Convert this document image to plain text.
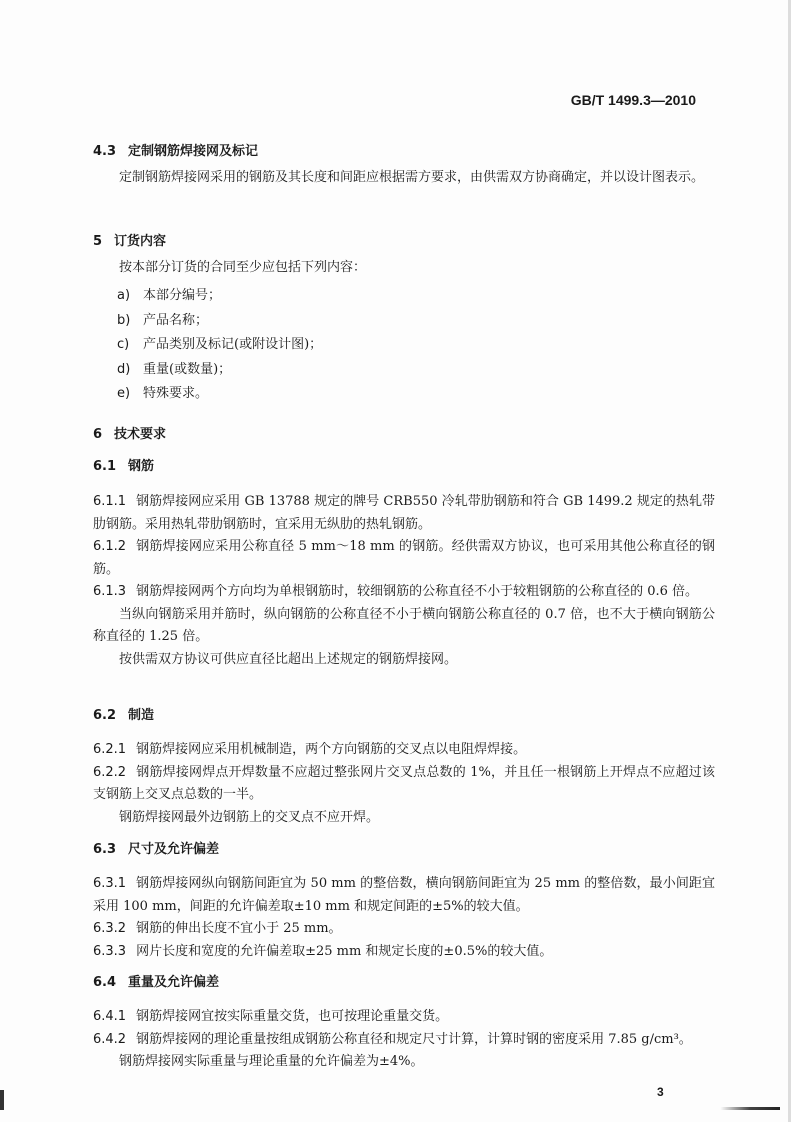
GB/T 1499.3—2010
4.3 定制钢筋焊接网及标记
定制钢筋焊接网采用的钢筋及其长度和间距应根据需方要求，由供需双方协商确定，并以设计图表示。
5 订货内容
按本部分订货的合同至少应包括下列内容：
a) 本部分编号；
b) 产品名称；
c) 产品类别及标记(或附设计图)；
d) 重量(或数量)；
e) 特殊要求。
6 技术要求
6.1 钢筋
6.1.1 钢筋焊接网应采用 GB 13788 规定的牌号 CRB550 冷轧带肋钢筋和符合 GB 1499.2 规定的热轧带肋钢筋。采用热轧带肋钢筋时，宜采用无纵肋的热轧钢筋。
6.1.2 钢筋焊接网应采用公称直径 5 mm～18 mm 的钢筋。经供需双方协议，也可采用其他公称直径的钢筋。
6.1.3 钢筋焊接网两个方向均为单根钢筋时，较细钢筋的公称直径不小于较粗钢筋的公称直径的 0.6 倍。
当纵向钢筋采用并筋时，纵向钢筋的公称直径不小于横向钢筋公称直径的 0.7 倍，也不大于横向钢筋公称直径的 1.25 倍。
按供需双方协议可供应直径比超出上述规定的钢筋焊接网。
6.2 制造
6.2.1 钢筋焊接网应采用机械制造，两个方向钢筋的交叉点以电阻焊焊接。
6.2.2 钢筋焊接网焊点开焊数量不应超过整张网片交叉点总数的 1%，并且任一根钢筋上开焊点不应超过该支钢筋上交叉点总数的一半。
钢筋焊接网最外边钢筋上的交叉点不应开焊。
6.3 尺寸及允许偏差
6.3.1 钢筋焊接网纵向钢筋间距宜为 50 mm 的整倍数，横向钢筋间距宜为 25 mm 的整倍数，最小间距宜采用 100 mm，间距的允许偏差取±10 mm 和规定间距的±5%的较大值。
6.3.2 钢筋的伸出长度不宜小于 25 mm。
6.3.3 网片长度和宽度的允许偏差取±25 mm 和规定长度的±0.5%的较大值。
6.4 重量及允许偏差
6.4.1 钢筋焊接网宜按实际重量交货，也可按理论重量交货。
6.4.2 钢筋焊接网的理论重量按组成钢筋公称直径和规定尺寸计算，计算时钢的密度采用 7.85 g/cm³。
钢筋焊接网实际重量与理论重量的允许偏差为±4%。
3
